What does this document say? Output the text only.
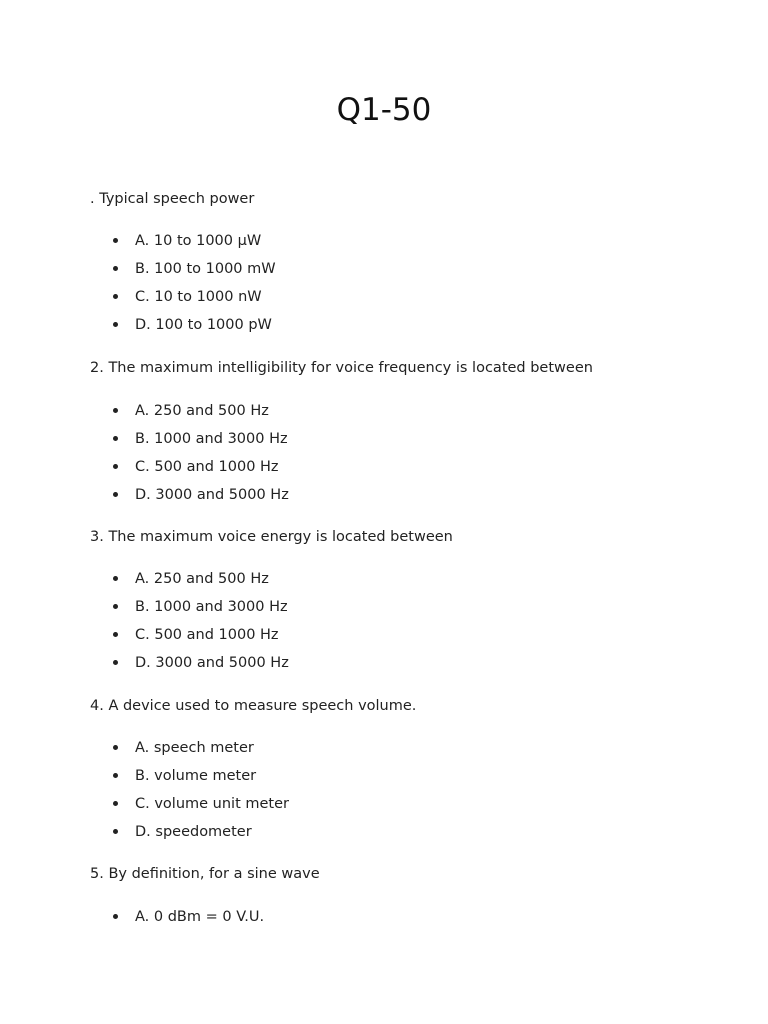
Q1-50

. Typical speech power

A. 10 to 1000 µW
B. 100 to 1000 mW
C. 10 to 1000 nW
D. 100 to 1000 pW

2. The maximum intelligibility for voice frequency is located between

A. 250 and 500 Hz
B. 1000 and 3000 Hz
C. 500 and 1000 Hz
D. 3000 and 5000 Hz

3. The maximum voice energy is located between

A. 250 and 500 Hz
B. 1000 and 3000 Hz
C. 500 and 1000 Hz
D. 3000 and 5000 Hz

4. A device used to measure speech volume.

A. speech meter
B. volume meter
C. volume unit meter
D. speedometer

5. By definition, for a sine wave

A. 0 dBm = 0 V.U.
